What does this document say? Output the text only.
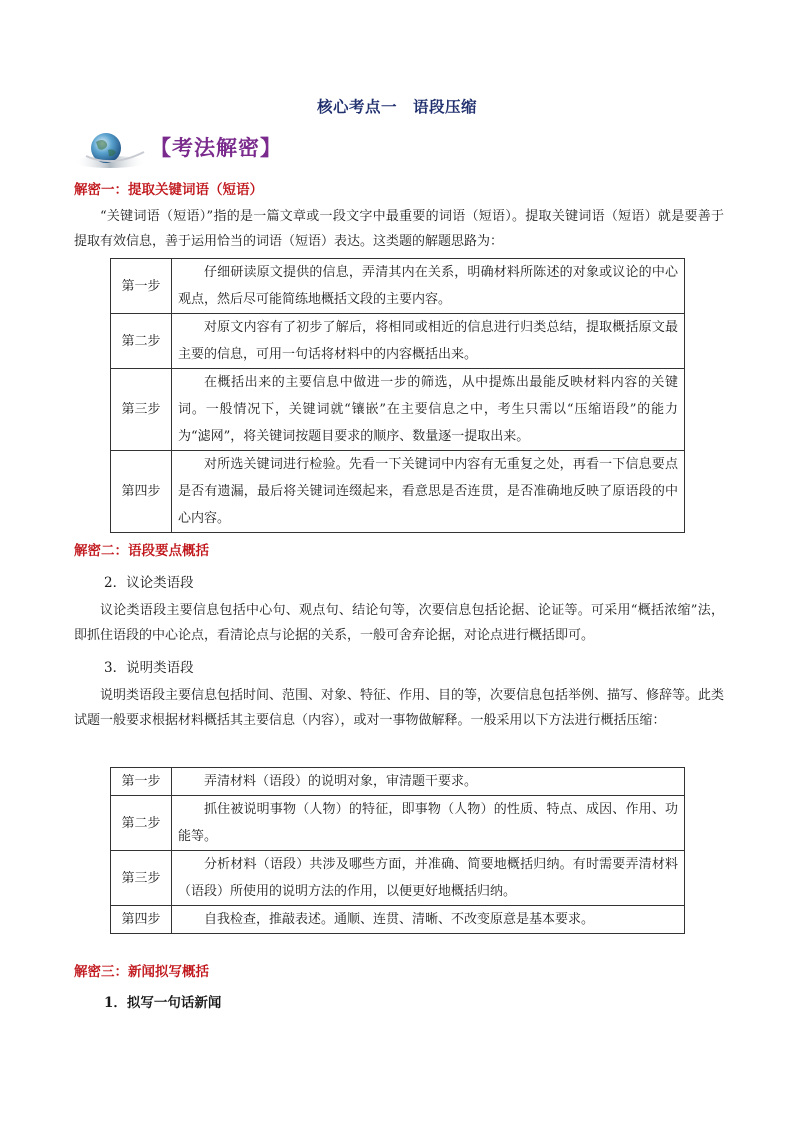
核心考点一　语段压缩
【考法解密】
解密一：提取关键词语（短语）

“关键词语（短语）”指的是一篇文章或一段文字中最重要的词语（短语）。提取关键词语（短语）就是要善于提取有效信息，善于运用恰当的词语（短语）表达。这类题的解题思路为：

第一步	仔细研读原文提供的信息，弄清其内在关系，明确材料所陈述的对象或议论的中心观点，然后尽可能简练地概括文段的主要内容。
第二步	对原文内容有了初步了解后，将相同或相近的信息进行归类总结，提取概括原文最主要的信息，可用一句话将材料中的内容概括出来。
第三步	在概括出来的主要信息中做进一步的筛选，从中提炼出最能反映材料内容的关键词。一般情况下，关键词就“镶嵌”在主要信息之中，考生只需以“压缩语段”的能力为“滤网”，将关键词按题目要求的顺序、数量逐一提取出来。
第四步	对所选关键词进行检验。先看一下关键词中内容有无重复之处，再看一下信息要点是否有遗漏，最后将关键词连缀起来，看意思是否连贯，是否准确地反映了原语段的中心内容。
解密二：语段要点概括
2．议论类语段

议论类语段主要信息包括中心句、观点句、结论句等，次要信息包括论据、论证等。可采用“概括浓缩”法，即抓住语段的中心论点，看清论点与论据的关系，一般可舍弃论据，对论点进行概括即可。

3．说明类语段

说明类语段主要信息包括时间、范围、对象、特征、作用、目的等，次要信息包括举例、描写、修辞等。此类试题一般要求根据材料概括其主要信息（内容），或对一事物做解释。一般采用以下方法进行概括压缩：

第一步	弄清材料（语段）的说明对象，审清题干要求。
第二步	抓住被说明事物（人物）的特征，即事物（人物）的性质、特点、成因、作用、功能等。
第三步	分析材料（语段）共涉及哪些方面，并准确、简要地概括归纳。有时需要弄清材料（语段）所使用的说明方法的作用，以便更好地概括归纳。
第四步	自我检查，推敲表述。通顺、连贯、清晰、不改变原意是基本要求。
解密三：新闻拟写概括
1．拟写一句话新闻
